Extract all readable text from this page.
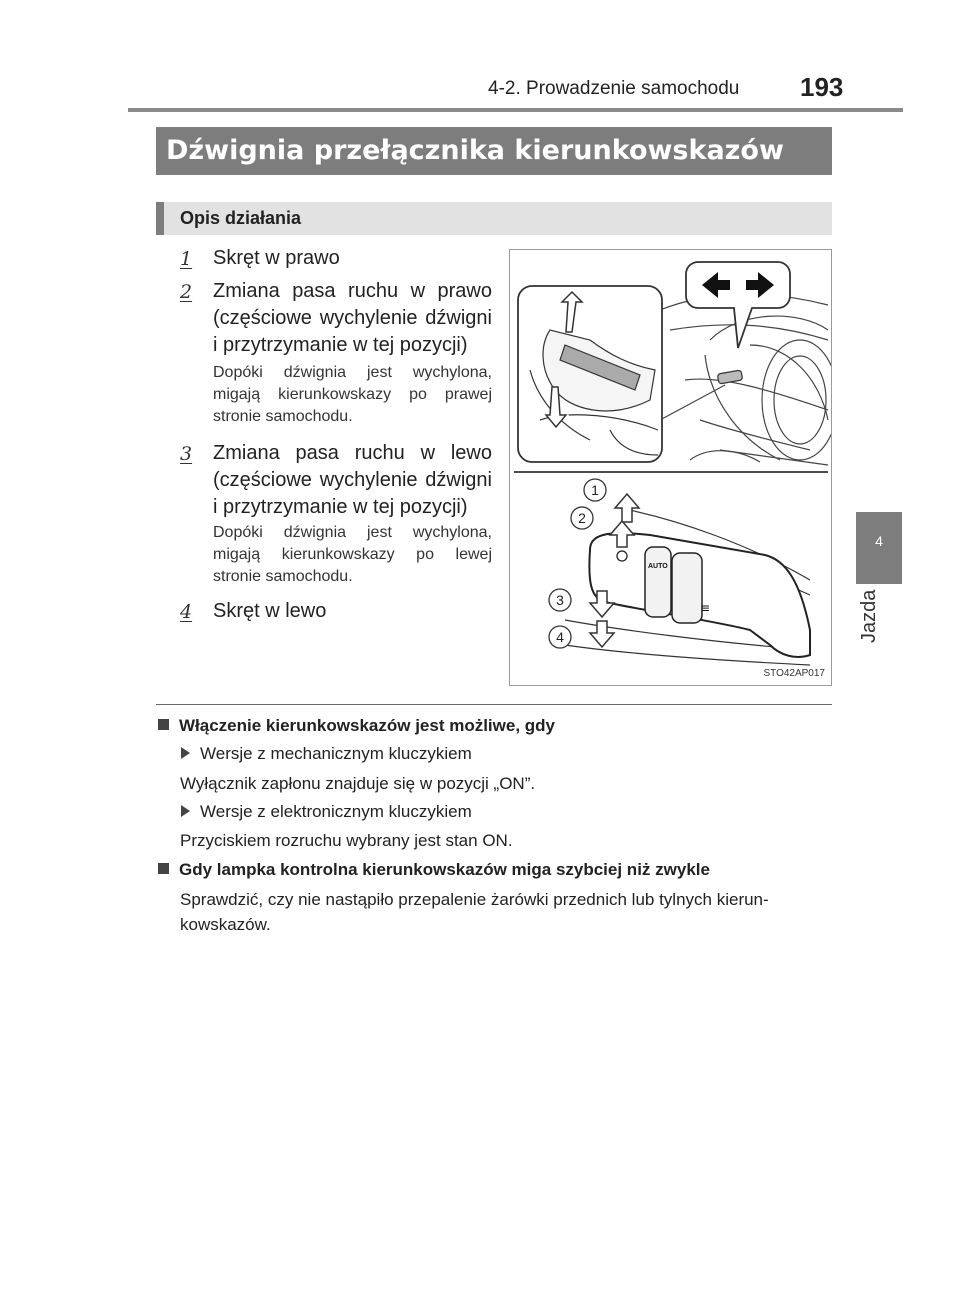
4-2. Prowadzenie samochodu 193
Dźwignia przełącznika kierunkowskazów
Opis działania
4
Jazda
1 Skręt w prawo
2 Zmiana pasa ruchu w prawo (częściowe wychylenie dźwigni i przytrzymanie w tej pozycji)
Dopóki dźwignia jest wychylona, migają kierunkowskazy po prawej stronie samochodu.
3 Zmiana pasa ruchu w lewo (częściowe wychylenie dźwigni i przytrzymanie w tej pozycji)
Dopóki dźwignia jest wychylona, migają kierunkowskazy po lewej stronie samochodu.
4 Skręt w lewo
AUTO
≡
1
2
3
4
STO42AP017
Włączenie kierunkowskazów jest możliwe, gdy
Wersje z mechanicznym kluczykiem
Wyłącznik zapłonu znajduje się w pozycji „ON”.
Wersje z elektronicznym kluczykiem
Przyciskiem rozruchu wybrany jest stan ON.
Gdy lampka kontrolna kierunkowskazów miga szybciej niż zwykle
Sprawdzić, czy nie nastąpiło przepalenie żarówki przednich lub tylnych kierun-kowskazów.
